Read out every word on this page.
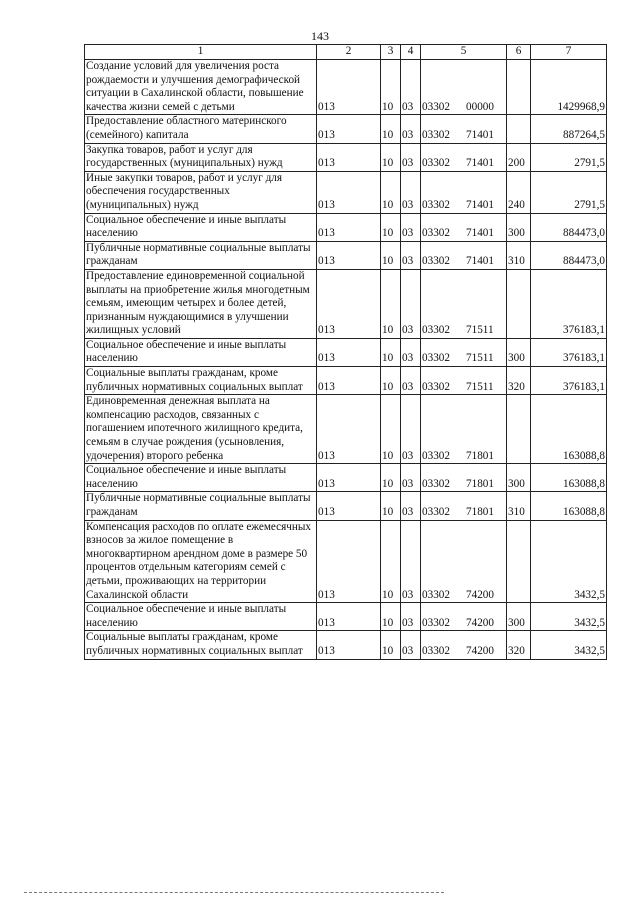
143
1	2	3	4	5	6	7
Создание условий для увеличения роста рождаемости и улучшения демографической ситуации в Сахалинской области, повышение качества жизни семей с детьми	013	10	03	03302 00000		1429968,9
Предоставление областного материнского (семейного) капитала	013	10	03	03302 71401		887264,5
Закупка товаров, работ и услуг для государственных (муниципальных) нужд	013	10	03	03302 71401	200	2791,5
Иные закупки товаров, работ и услуг для обеспечения государственных (муниципальных) нужд	013	10	03	03302 71401	240	2791,5
Социальное обеспечение и иные выплаты населению	013	10	03	03302 71401	300	884473,0
Публичные нормативные социальные выплаты гражданам	013	10	03	03302 71401	310	884473,0
Предоставление единовременной социальной выплаты на приобретение жилья многодетным семьям, имеющим четырех и более детей, признанным нуждающимися в улучшении жилищных условий	013	10	03	03302 71511		376183,1
Социальное обеспечение и иные выплаты населению	013	10	03	03302 71511	300	376183,1
Социальные выплаты гражданам, кроме публичных нормативных социальных выплат	013	10	03	03302 71511	320	376183,1
Единовременная денежная выплата на компенсацию расходов, связанных с погашением ипотечного жилищного кредита, семьям в случае рождения (усыновления, удочерения) второго ребенка	013	10	03	03302 71801		163088,8
Социальное обеспечение и иные выплаты населению	013	10	03	03302 71801	300	163088,8
Публичные нормативные социальные выплаты гражданам	013	10	03	03302 71801	310	163088,8
Компенсация расходов по оплате ежемесячных взносов за жилое помещение в многоквартирном арендном доме в размере 50 процентов отдельным категориям семей с детьми, проживающих на территории Сахалинской области	013	10	03	03302 74200		3432,5
Социальное обеспечение и иные выплаты населению	013	10	03	03302 74200	300	3432,5
Социальные выплаты гражданам, кроме публичных нормативных социальных выплат	013	10	03	03302 74200	320	3432,5
